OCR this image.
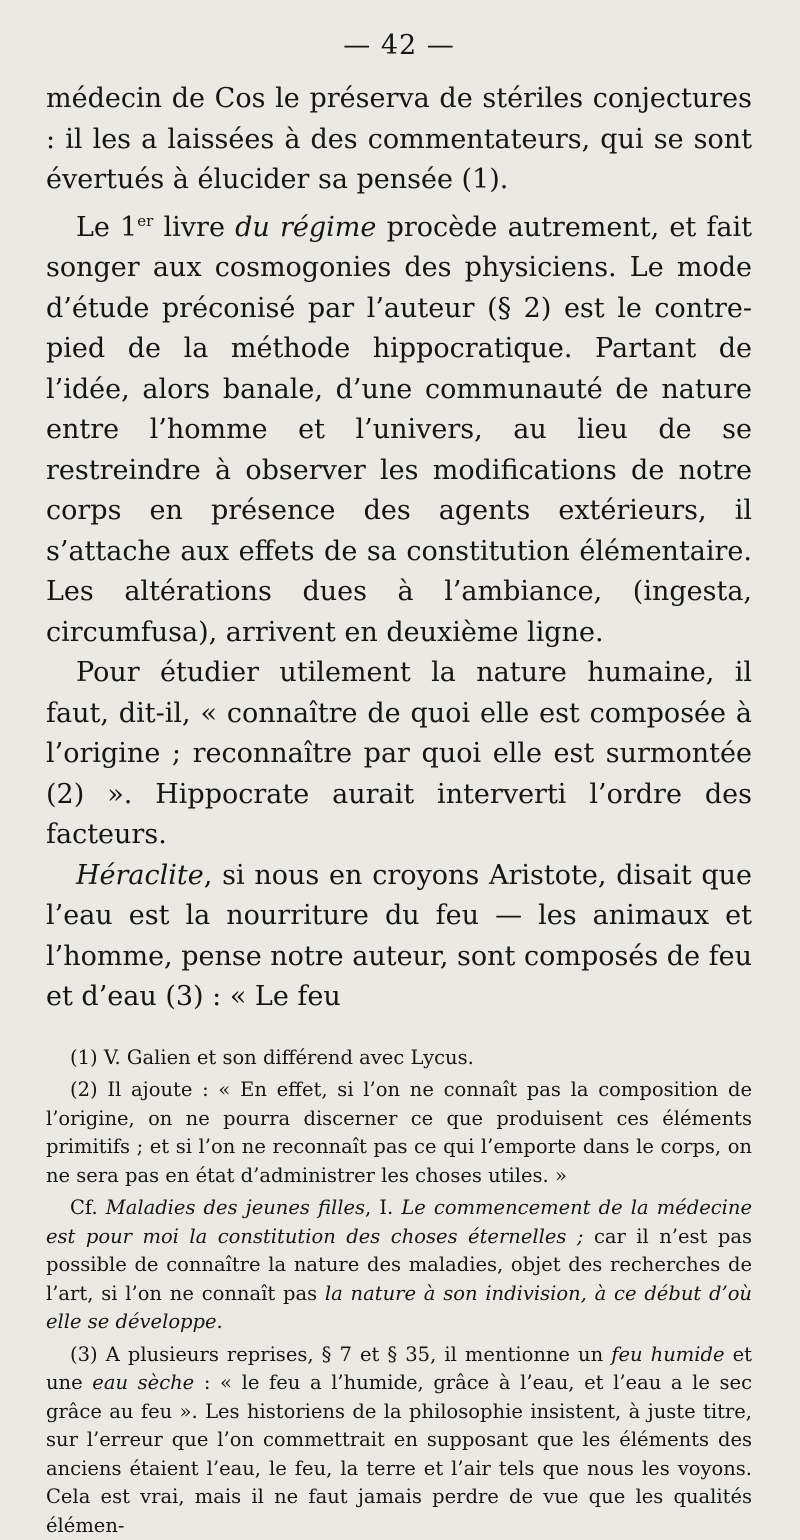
— 42 —

médecin de Cos le préserva de stériles conjectures : il les a laissées à des commentateurs, qui se sont évertués à élucider sa pensée (1).

Le 1er livre du régime procède autrement, et fait songer aux cosmogonies des physiciens. Le mode d’étude préconisé par l’auteur (§ 2) est le contre-pied de la méthode hippocratique. Partant de l’idée, alors banale, d’une communauté de nature entre l’homme et l’univers, au lieu de se restreindre à observer les modifications de notre corps en présence des agents extérieurs, il s’attache aux effets de sa constitution élémentaire. Les altérations dues à l’ambiance, (ingesta, circumfusa), arrivent en deuxième ligne.

Pour étudier utilement la nature humaine, il faut, dit-il, « connaître de quoi elle est composée à l’origine ; reconnaître par quoi elle est surmontée (2) ». Hippocrate aurait interverti l’ordre des facteurs.

Héraclite, si nous en croyons Aristote, disait que l’eau est la nourriture du feu — les animaux et l’homme, pense notre auteur, sont composés de feu et d’eau (3) : « Le feu

(1) V. Galien et son différend avec Lycus.

(2) Il ajoute : « En effet, si l’on ne connaît pas la composition de l’origine, on ne pourra discerner ce que produisent ces éléments primitifs ; et si l’on ne reconnaît pas ce qui l’emporte dans le corps, on ne sera pas en état d’administrer les choses utiles. »

Cf. Maladies des jeunes filles, I. Le commencement de la médecine est pour moi la constitution des choses éternelles ; car il n’est pas possible de connaître la nature des maladies, objet des recherches de l’art, si l’on ne connaît pas la nature à son indivision, à ce début d’où elle se développe.

(3) A plusieurs reprises, § 7 et § 35, il mentionne un feu humide et une eau sèche : « le feu a l’humide, grâce à l’eau, et l’eau a le sec grâce au feu ». Les historiens de la philosophie insistent, à juste titre, sur l’erreur que l’on commettrait en supposant que les éléments des anciens étaient l’eau, le feu, la terre et l’air tels que nous les voyons. Cela est vrai, mais il ne faut jamais perdre de vue que les qualités élémen-
